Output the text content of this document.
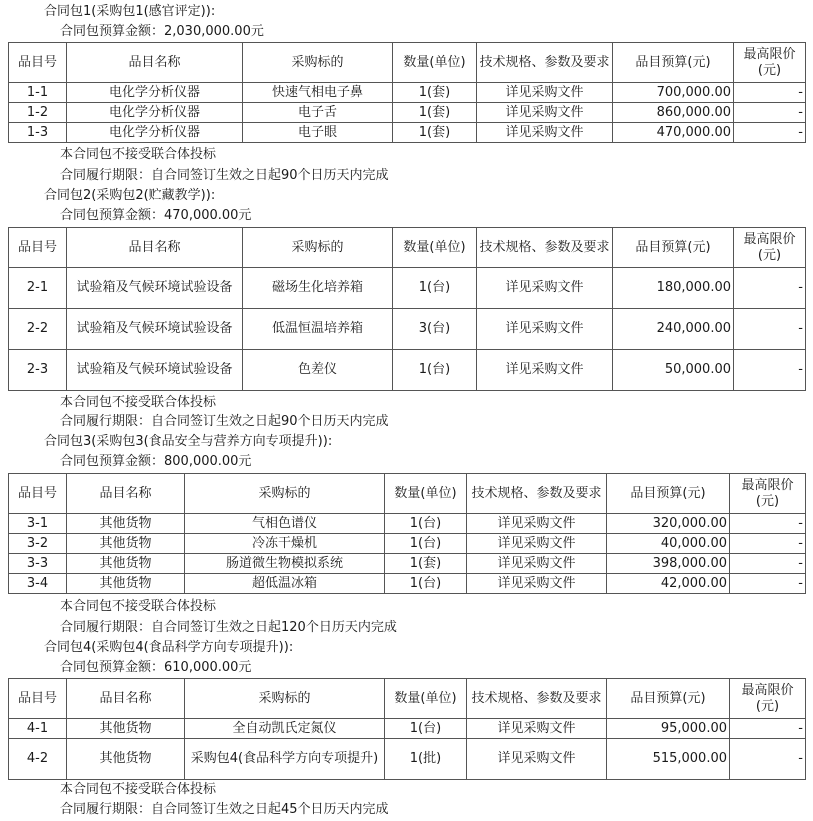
合同包1(采购包1(感官评定)):
合同包预算金额：2,030,000.00元
品目号	品目名称	采购标的	数量(单位)	技术规格、参数及要求	品目预算(元)	最高限价(元)
1-1	电化学分析仪器	快速气相电子鼻	1(套)	详见采购文件	700,000.00	-
1-2	电化学分析仪器	电子舌	1(套)	详见采购文件	860,000.00	-
1-3	电化学分析仪器	电子眼	1(套)	详见采购文件	470,000.00	-
本合同包不接受联合体投标
合同履行期限：自合同签订生效之日起90个日历天内完成
合同包2(采购包2(贮藏教学)):
合同包预算金额：470,000.00元
品目号	品目名称	采购标的	数量(单位)	技术规格、参数及要求	品目预算(元)	最高限价(元)
2-1	试验箱及气候环境试验设备	磁场生化培养箱	1(台)	详见采购文件	180,000.00	-
2-2	试验箱及气候环境试验设备	低温恒温培养箱	3(台)	详见采购文件	240,000.00	-
2-3	试验箱及气候环境试验设备	色差仪	1(台)	详见采购文件	50,000.00	-
本合同包不接受联合体投标
合同履行期限：自合同签订生效之日起90个日历天内完成
合同包3(采购包3(食品安全与营养方向专项提升)):
合同包预算金额：800,000.00元
品目号	品目名称	采购标的	数量(单位)	技术规格、参数及要求	品目预算(元)	最高限价(元)
3-1	其他货物	气相色谱仪	1(台)	详见采购文件	320,000.00	-
3-2	其他货物	冷冻干燥机	1(台)	详见采购文件	40,000.00	-
3-3	其他货物	肠道微生物模拟系统	1(套)	详见采购文件	398,000.00	-
3-4	其他货物	超低温冰箱	1(台)	详见采购文件	42,000.00	-
本合同包不接受联合体投标
合同履行期限：自合同签订生效之日起120个日历天内完成
合同包4(采购包4(食品科学方向专项提升)):
合同包预算金额：610,000.00元
品目号	品目名称	采购标的	数量(单位)	技术规格、参数及要求	品目预算(元)	最高限价(元)
4-1	其他货物	全自动凯氏定氮仪	1(台)	详见采购文件	95,000.00	-
4-2	其他货物	采购包4(食品科学方向专项提升)	1(批)	详见采购文件	515,000.00	-
本合同包不接受联合体投标
合同履行期限：自合同签订生效之日起45个日历天内完成
